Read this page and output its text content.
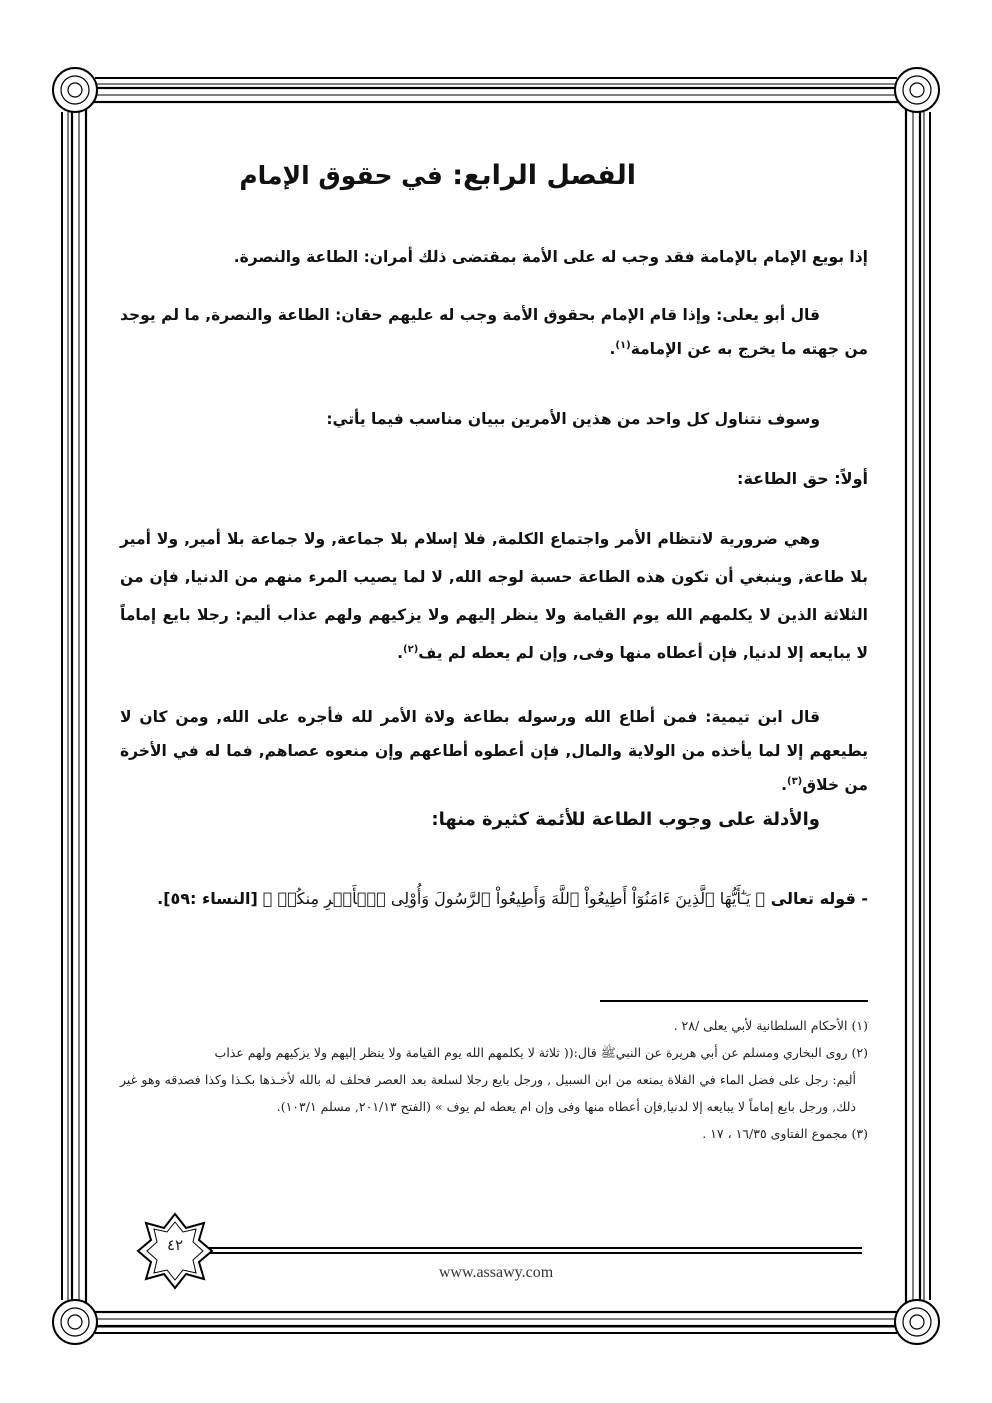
الفصل الرابع: في حقوق الإمام
إذا بويع الإمام بالإمامة فقد وجب له على الأمة بمقتضى ذلك أمران: الطاعة والنصرة.
قال أبو يعلى: وإذا قام الإمام بحقوق الأمة وجب له عليهم حقان: الطاعة والنصرة, ما لم يوجد من جهته ما يخرج به عن الإمامة$^{(١)}$.
وسوف نتناول كل واحد من هذين الأمرين ببيان مناسب فيما يأتي:
أولاً: حق الطاعة:
وهي ضرورية لانتظام الأمر واجتماع الكلمة, فلا إسلام بلا جماعة, ولا جماعة بلا أمير, ولا أمير بلا طاعة, وينبغي أن تكون هذه الطاعة حسبة لوجه الله, لا لما يصيب المرء منهم من الدنيا, فإن من الثلاثة الذين لا يكلمهم الله يوم القيامة ولا ينظر إليهم ولا يزكيهم ولهم عذاب أليم: رجلا بايع إماماً لا يبايعه إلا لدنيا, فإن أعطاه منها وفى, وإن لم يعطه لم يف$^{(٢)}$.
قال ابن تيمية: فمن أطاع الله ورسوله بطاعة ولاة الأمر لله فأجره على الله, ومن كان لا يطيعهم إلا لما يأخذه من الولاية والمال, فإن أعطوه أطاعهم وإن منعوه عصاهم, فما له في الأخرة من خلاق$^{(٣)}$.
والأدلة على وجوب الطاعة للأئمة كثيرة منها:
- قوله تعالى ﴿ يَـٰٓأَيُّهَا ٱلَّذِينَ ءَامَنُوٓاْ أَطِيعُواْ ٱللَّهَ وَأَطِيعُواْ ٱلرَّسُولَ وَأُوْلِى ٱلۡأَمۡرِ مِنكُمۡ ﴾ [النساء :٥٩].
(١) الأحكام السلطانية لأبي يعلى /٢٨ .
(٢) روى البخاري ومسلم عن أبي هريرة عن النبيﷺ قال:(( ثلاثة لا يكلمهم الله يوم القيامة ولا ينظر إليهم ولا يزكيهم ولهم عذاب
أليم: رجل على فضل الماء في الفلاة يمنعه من ابن السبيل , ورجل بايع رجلا لسلعة بعد العصر فحلف له بالله لأخـذها بكـذا وكذا فصدقه وهو غير ذلك, ورجل بايع إماماً لا يبايعه إلا لدنيا,فإن أعطاه منها وفى وإن ام يعطه لم يوف » (الفتح ٢٠١/١٣, مسلم ١٠٣/١).
(٣) مجموع الفتاوى ١٦/٣٥ ، ١٧ .
٤٢
www.assawy.com
